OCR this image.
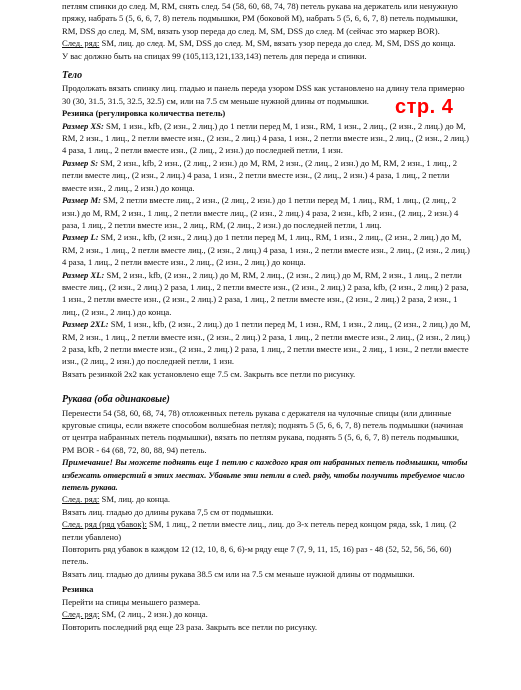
петлям спинки до след. М, RM, снять след. 54 (58, 60, 68, 74, 78) петель рукава на держатель или ненужную пряжу, набрать 5 (5, 6, 6, 7, 8) петель подмышки, PM (боковой М), набрать 5 (5, 6, 6, 7, 8) петель подмышки, RM, DSS до след. М, SM, вязать узор переда до след. М, SM, DSS до след. М (сейчас это маркер BOR).

След. ряд: SM, лиц. до след. М, SM, DSS до след. М, SM, вязать узор переда до след. М, SM, DSS до конца.

У вас должно быть на спицах 99 (105,113,121,133,143) петель для переда и спинки.

Тело

Продолжать вязать спинку лиц. гладью и панель переда узором DSS как установлено на длину тела примерно 30 (30, 31.5, 31.5, 32.5, 32.5) см, или на 7.5 см меньше нужной длины от подмышки.

Резинка (регулировка количества петель)

Размер XS: SM, 1 изн., kfb, (2 изн., 2 лиц.) до 1 петли перед М, 1 изн., RM, 1 изн., 2 лиц., (2 изн., 2 лиц.) до М, RM, 2 изн., 1 лиц., 2 петли вместе изн., (2 изн., 2 лиц.) 4 раза, 1 изн., 2 петли вместе изн., 2 лиц., (2 изн., 2 лиц.) 4 раза, 1 лиц., 2 петли вместе изн., (2 лиц., 2 изн.) до последней петли, 1 изн.

Размер S: SM, 2 изн., kfb, 2 изн., (2 лиц., 2 изн.) до М, RM, 2 изн., (2 лиц., 2 изн.) до М, RM, 2 изн., 1 лиц., 2 петли вместе лиц., (2 изн., 2 лиц.) 4 раза, 1 изн., 2 петли вместе изн., (2 лиц., 2 изн.) 4 раза, 1 лиц., 2 петли вместе изн., 2 лиц., 2 изн.) до конца.

Размер М: SM, 2 петли вместе лиц., 2 изн., (2 лиц., 2 изн.) до 1 петли перед М, 1 лиц., RM, 1 лиц., (2 лиц., 2 изн.) до М, RM, 2 изн., 1 лиц., 2 петли вместе лиц., (2 изн., 2 лиц.) 4 раза, 2 изн., kfb, 2 изн., (2 лиц., 2 изн.) 4 раза, 1 лиц., 2 петли вместе изн., 2 лиц., RM, (2 лиц., 2 изн.) до последней петли, 1 лиц.

Размер L: SM, 2 изн., kfb, (2 изн., 2 лиц.) до 1 петли перед М, 1 лиц., RM, 1 изн., 2 лиц., (2 изн., 2 лиц.) до М, RM, 2 изн., 1 лиц., 2 петли вместе лиц., (2 изн., 2 лиц.) 4 раза, 1 изн., 2 петли вместе изн., 2 лиц., (2 изн., 2 лиц.) 4 раза, 1 лиц., 2 петли вместе изн., 2 лиц., (2 изн., 2 лиц.) до конца.

Размер XL: SM, 2 изн., kfb, (2 изн., 2 лиц.) до М, RM, 2 лиц., (2 изн., 2 лиц.) до М, RM, 2 изн., 1 лиц., 2 петли вместе лиц., (2 изн., 2 лиц.) 2 раза, 1 лиц., 2 петли вместе изн., (2 изн., 2 лиц.) 2 раза, kfb, (2 изн., 2 лиц.) 2 раза, 1 изн., 2 петли вместе изн., (2 изн., 2 лиц.) 2 раза, 1 лиц., 2 петли вместе изн., (2 изн., 2 лиц.) 2 раза, 2 изн., 1 лиц., (2 изн., 2 лиц.) до конца.

Размер 2XL: SM, 1 изн., kfb, (2 изн., 2 лиц.) до 1 петли перед М, 1 изн., RM, 1 изн., 2 лиц., (2 изн., 2 лиц.) до М, RM, 2 изн., 1 лиц., 2 петли вместе изн., (2 изн., 2 лиц.) 2 раза, 1 лиц., 2 петли вместе изн., 2 лиц., (2 изн., 2 лиц.) 2 раза, kfb, 2 петли вместе изн., (2 изн., 2 лиц.) 2 раза, 1 лиц., 2 петли вместе изн., 2 лиц., 1 изн., 2 петли вместе изн., (2 лиц., 2 изн.) до последней петли, 1 изн.

Вязать резинкой 2х2 как установлено еще 7.5 см. Закрыть все петли по рисунку.

Рукава (оба одинаковые)

Перенести 54 (58, 60, 68, 74, 78) отложенных петель рукава с держателя на чулочные спицы (или длинные круговые спицы, если вяжете способом волшебная петля); поднять 5 (5, 6, 6, 7, 8) петель подмышки (начиная от центра набранных петель подмышки), вязать по петлям рукава, поднять 5 (5, 6, 6, 7, 8) петель подмышки, PM BOR - 64 (68, 72, 80, 88, 94) петель.

Примечание! Вы можете поднять еще 1 петлю с каждого края от набранных петель подмышки, чтобы избежать отверстий в этих местах. Убавьте эти петли в след. ряду, чтобы получить требуемое число петель рукава.

След. ряд: SM, лиц. до конца.

Вязать лиц. гладью до длины рукава 7,5 см от подмышки.

След. ряд (ряд убавок): SM, 1 лиц., 2 петли вместе лиц., лиц. до 3-х петель перед концом ряда, ssk, 1 лиц. (2 петли убавлено)

Повторить ряд убавок в каждом 12 (12, 10, 8, 6, 6)-м ряду еще 7 (7, 9, 11, 15, 16) раз - 48 (52, 52, 56, 56, 60) петель.

Вязать лиц. гладью до длины рукава 38.5 см или на 7.5 см меньше нужной длины от подмышки.

Резинка

Перейти на спицы меньшего размера.

След. ряд: SM, (2 лиц., 2 изн.) до конца.

Повторить последний ряд еще 23 раза. Закрыть все петли по рисунку.

стр. 4
